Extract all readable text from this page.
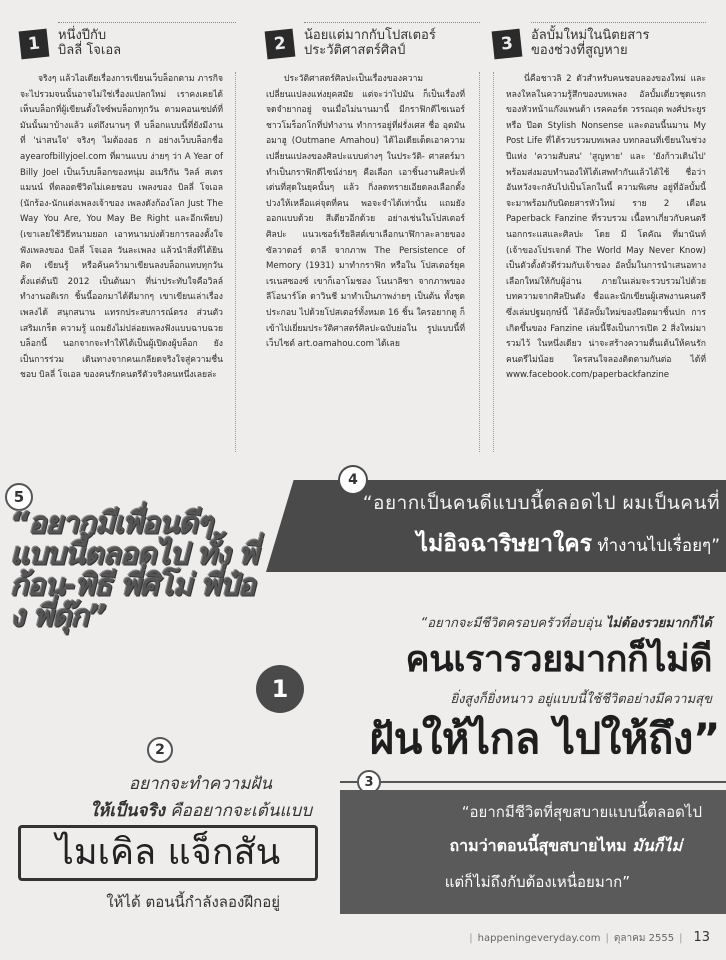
1	หนึ่งปีกับ
บิลลี่ โจเอล

จริงๆ แล้วไอเดียเรื่องการเขียนเว็บล็อกตาม ภารกิจจะไปรวมจนนั้นอาจไม่ใช่เรื่องแปลกใหม่ เราคงเคยได้เห็นบล็อกที่ผู้เขียนตั้งใจซ์พบล็อกทุกวัน ตามคอนเซปต์ที่มันนั้นมาบ้างแล้ว แต่ถึงนานๆ ที บล็อกแบบนี้ที่ยังมีงานที่ 'น่าสนใจ' จริงๆ ไมต้องอธ ก อย่างเว็บบล็อกชื่อ ayearofbillyjoel.com ที่ผานแบบ ง่ายๆ ว่า A Year of Billy Joel เป็นเว็บบล็อกของหนุ่ม อเมริกัน วิลล์ สเตรแมนน์ ที่ตลอดชีวิตไม่เคยชอบ เพลงของ บิลลี่ โจเอล (นักร้อง-นักแต่งเพลงเจ้าของ เพลงดังก้องโลก Just The Way You Are, You May Be Right และอีกเพียบ) (เขาเลยใช้วิธีหนามยอก เอาหนามบ่งด้วยการลองตั้งใจฟังเพลงของ บิลลี่ โจเอล วันละเพลง แล้วนำสิ่งที่ได้ยินคิด เขียนรู้ หรือค้นคว้ามาเขียนลงบล็อกแทบทุกวันตั้งแต่ต้นปี 2012 เป็นต้นมา ที่น่าประทับใจคือวิลล์ทำงานอดิเรก ชิ้นนี้ออกมาได้ดีมากๆ เขาเขียนเล่าเรื่องเพลงได้ สนุกสนาน แทรกประสบการณ์ตรง ส่วนตัว เสริมเกร็ด ความรู้ แถมยังไม่ปล่อยเพลงฟังแบบฉาบฉวย บล็อกนี้ นอกจากจะทำให้ได้เป็นผู้เปิดงผู้บล็อก ยังเป็นการร่วม เดินทางจากคนเกลียดจริงใจสู่ความชื่นชอบ บิลลี่ โจเอล ของคนรักคนตรีตัวจริงคนหนึ่งเลยล่ะ

2	น้อยแต่มากกับโปสเตอร์
ประวัติศาสตร์ศิลป์

ประวัติศาสตร์ศิลปะเป็นเรื่องของความ เปลี่ยนแปลงแห่งยุคสมัย แต่จะว่าไปมัน ก็เป็นเรื่องที่จดจำยากอยู่ จนเมื่อไม่นานมานี้ มีกราฟิกดีไซเนอร์ชาวโมร็อกโกที่ปทำงาน ทำการอยู่ที่ฝรั่งเศส ชื่อ อุตมัน อมาฮู (Outmane Amahou) ได้ไอเดียเด็ดเอาความ เปลี่ยนแปลงของศิลปะแบบต่างๆ ในประวัติ- ศาสตร์มาทำเป็นกราฟิกดีไซน์ง่ายๆ คือเลือก เอาชิ้นงานศิลปะที่เด่นที่สุดในยุคนั้นๆ แล้ว กิ่งลดทรายเอียดลงเลือกตั้งปวงให้เหลือแค่จุดที่คน พอจะจำได้เท่านั้น แถมยังออกแบบด้วย สีเดียวอีกด้วย อย่างเช่นในโปสเตอร์ศิลปะ แนวเซอร์เรียลิสต์เขาเลือกนาฬิกาละลายของ ซัลวาดอร์ ดาลี จากภาพ The Persistence of Memory (1931) มาทำกราฟิก หรือใน โปสเตอร์ยุคเรเนสซองซ์ เขาก็เอาโมชอง โนนาลิซา จากภาพของ ลีโอนาร์โด ดาวินชี มาทำเป็นภาพง่ายๆ เป็นต้น ทั้งชุดประกอบ ไปด้วยโปสเตอร์ทั้งหมด 16 ชิ้น ใครอยากดู ก็เข้าไปเยี่ยมประวัติศาสตร์ศิลปะฉบับย่อใน รูปแบบนี้ที่เว็บไซต์ art.oamahou.com ได้เลย

3	อัลบั้มใหม่ในนิตยสาร
ของช่วงที่สูญหาย

นี่คือชาวลิ 2 ตัวสำหรับคนชอบลองของใหม่ และหลงใหลในความรู้สึกของบทเพลง อัลบั้มเดี่ยวชุดแรกของหัวหน้าแก๊งแพนด้า เรคคอร์ด วรรณฤต พงศ์ประยูร หรือ ป๊อด Stylish Nonsense และตอนนี้นมาน My Post Life ที่ได้รวบรวมบทเพลง บทกลอนที่เขียนในช่วงปีแห่ง 'ความสับสน' 'สูญหาย' และ 'ยังก้าวเดินไป' พร้อมส่งมอบทำนองให้ได้เสพทำกันแล้วได้ใช้ ชื่อว่า อันหวังจะกลับไปเป็นโลกในนี้ ความพิเศษ อยู่ที่อัลบั้มนี้จะมาพร้อมกับนิตยสารหัวใหม่ ราย 2 เดือน Paperback Fanzine ที่รวบรวม เนื้อหาเกี่ยวกับคนตรีนอกกระแสและศิลปะ โดย มี โตคัณ ที่มานันท์ (เจ้าของโปรเจกต์ The World May Never Know) เป็นตัวตั้งตัวตีร่วมกับเจ้าของ อัลบั้มในการนำเสนอทางเลือกใหม่ให้กับผู้อ่าน ภายในเล่มจะรวบรวมไปด้วยบทความจากศิลปินดัง ชื่อและนักเขียนผู้เสพงานคนตรี ซึ่งเล่มปฐมฤกษ์นี้ ได้อัลบั้มใหม่ของป๊อดมาชิ้นปก การเกิดขึ้นของ Fanzine เล่มนี้จึงเป็นการเปิด 2 สิ่งใหม่มารวมไว้ ในหนึ่งเดียว น่าจะสร้างความตื่นเต้นให้คนรัก คนตรีไม่น้อย ใครสนใจลองติดตามกันต่อ ได้ที่ www.facebook.com/paperbackfanzine

4
“อยากเป็นคนดีแบบนี้ตลอดไป ผมเป็นคนที่
ไม่อิจฉาริษยาใคร ทำงานไปเรื่อยๆ”
5
“อยากมีเพื่อนดีๆ แบบนี้ตลอดไป ทั้ง พี่ก้อน-พิธี พี่ศิโม่ พี่ป๋อง พี่ดุ๊ก”
1
“อยากจะมีชีวิตครอบครัวที่อบอุ่น ไม่ต้องรวยมากก็ได้
คนเรารวยมากก็ไม่ดี
ยิ่งสูงก็ยิ่งหนาว อยู่แบบนี้ใช้ชีวิตอย่างมีความสุข
ฝันให้ไกล ไปให้ถึง”
2
อยากจะทำความฝัน
ให้เป็นจริง คืออยากจะเต้นแบบ
ไมเคิล แจ็กสัน
ให้ได้ ตอนนี้กำลังลองฝึกอยู่
3
“อยากมีชีวิตที่สุขสบายแบบนี้ตลอดไป
ถามว่าตอนนี้สุขสบายไหม มันก็ไม่
แต่ก็ไม่ถึงกับต้องเหนื่อยมาก”
| happeningeveryday.com | ตุลาคม 2555 | 13
